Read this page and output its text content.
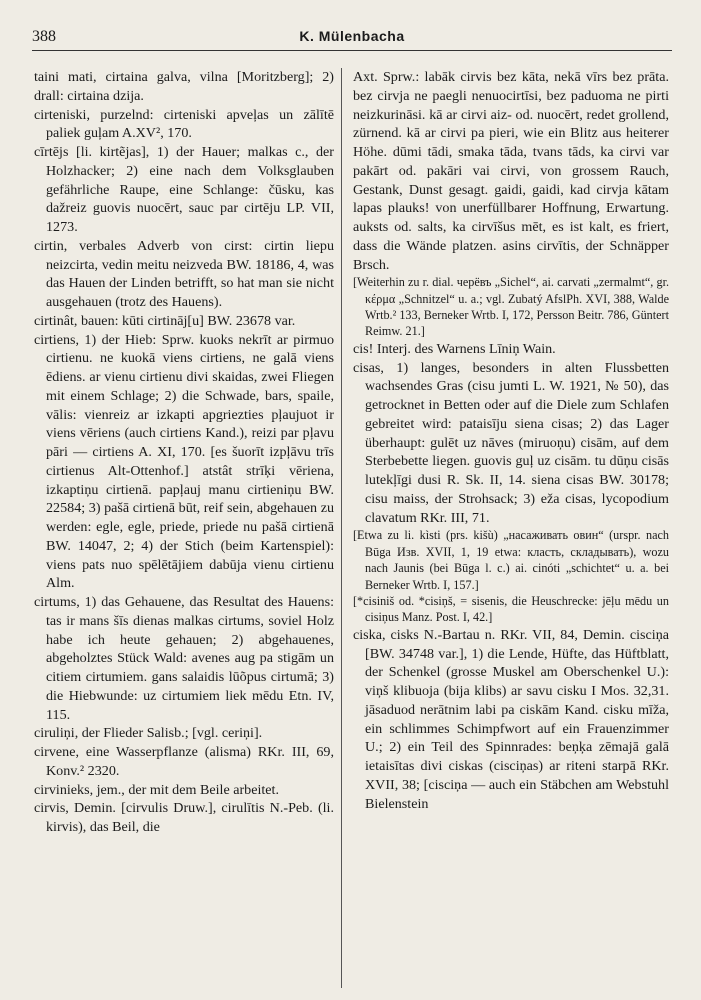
388	K. Mülenbacha

taini mati, cirtaina galva, vilna [Moritzberg]; 2) drall: cirtaina dzija.

cirteniski, purzelnd: cirteniski apveļas un zālītē paliek guļam A.XV², 170.

cīrtējs [li. kirtẽjas], 1) der Hauer; malkas c., der Holzhacker; 2) eine nach dem Volksglauben gefährliche Raupe, eine Schlange: čūsku, kas dažreiz guovis nuocērt, sauc par cirtēju LP. VII, 1273.

cirtin, verbales Adverb von cirst: cirtin liepu neizcirta, vedin meitu neizveda BW. 18186, 4, was das Hauen der Linden betrifft, so hat man sie nicht ausgehauen (trotz des Hauens).

cirtinât, bauen: kūti cirtināj[u] BW. 23678 var.

cirtiens, 1) der Hieb: Sprw. kuoks nekrīt ar pirmuo cirtienu. ne kuokā viens cirtiens, ne galā viens ēdiens. ar vienu cirtienu divi skaidas, zwei Fliegen mit einem Schlage; 2) die Schwade, bars, spaile, vālis: vienreiz ar izkapti apgriezties pļaujuot ir viens vēriens (auch cirtiens Kand.), reizi par pļavu pāri — cirtiens A. XI, 170. [es šuorīt izpļāvu trīs cirtienus Alt-Ottenhof.] atstât strīķi vēriena, izkaptiņu cirtienā. papļauj manu cirtieniņu BW. 22584; 3) pašā cirtienā būt, reif sein, abgehauen zu werden: egle, egle, priede, priede nu pašā cirtienā BW. 14047, 2; 4) der Stich (beim Kartenspiel): viens pats nuo spēlētājiem dabūja vienu cirtienu Alm.

cirtums, 1) das Gehauene, das Resultat des Hauens: tas ir mans šīs dienas malkas cirtums, soviel Holz habe ich heute gehauen; 2) abgehauenes, abgeholztes Stück Wald: avenes aug pa stigām un citiem cirtumiem. gans salaidis lūõpus cirtumā; 3) die Hiebwunde: uz cirtumiem liek mēdu Etn. IV, 115.

ciruliņi, der Flieder Salisb.; [vgl. ceriņi].

cirvene, eine Wasserpflanze (alisma) RKr. III, 69, Konv.² 2320.

cirvinieks, jem., der mit dem Beile arbeitet.

cirvis, Demin. [cirvulis Druw.], cirulītis N.-Peb. (li. kirvis), das Beil, die

Axt. Sprw.: labāk cirvis bez kāta, nekā vīrs bez prāta. bez cirvja ne paegli nenuocirtīsi, bez paduoma ne pirti neizkurināsi. kā ar cirvi aiz- od. nuocērt, redet grollend, zürnend. kā ar cirvi pa pieri, wie ein Blitz aus heiterer Höhe. dūmi tādi, smaka tāda, tvans tāds, ka cirvi var pakārt od. pakāri vai cirvi, von grossem Rauch, Gestank, Dunst gesagt. gaidi, gaidi, kad cirvja kātam lapas plauks! von unerfüllbarer Hoffnung, Erwartung. auksts od. salts, ka cirvīšus mēt, es ist kalt, es friert, dass die Wände platzen. asins cirvītis, der Schnäpper Brsch.

[Weiterhin zu r. dial. черёвъ „Sichel“, ai. carvati „zermalmt“, gr. κέρμα „Schnitzel“ u. a.; vgl. Zubatý AfslPh. XVI, 388, Walde Wrtb.² 133, Berneker Wrtb. I, 172, Persson Beitr. 786, Güntert Reimw. 21.]

cis! Interj. des Warnens Līniņ Wain.

cisas, 1) langes, besonders in alten Flussbetten wachsendes Gras (cisu jumti L. W. 1921, № 50), das getrocknet in Betten oder auf die Diele zum Schlafen gebreitet wird: pataisīju siena cisas; 2) das Lager überhaupt: gulēt uz nāves (miruoņu) cisām, auf dem Sterbebette liegen. guovis guļ uz cisām. tu dūņu cisās lutekļīgi dusi R. Sk. II, 14. siena cisas BW. 30178; cisu maiss, der Strohsack; 3) eža cisas, lycopodium clavatum RKr. III, 71.

[Etwa zu li. kìsti (prs. kišù) „насаживать овин“ (urspr. nach Būga Изв. XVII, 1, 19 etwa: класть, складывать), wozu nach Jaunis (bei Būga l. c.) ai. cinóti „schichtet“ u. a. bei Berneker Wrtb. I, 157.]

[*cisiniš od. *cisiņš, = sisenis, die Heuschrecke: jēļu mēdu un cisiņus Manz. Post. I, 42.]

ciska, cisks N.-Bartau n. RKr. VII, 84, Demin. cisciņa [BW. 34748 var.], 1) die Lende, Hüfte, das Hüftblatt, der Schenkel (grosse Muskel am Oberschenkel U.): viņš klibuoja (bija klibs) ar savu cisku I Mos. 32,31. jāsaduod nerātnim labi pa ciskām Kand. cisku mīža, ein schlimmes Schimpfwort auf ein Frauenzimmer U.; 2) ein Teil des Spinnrades: beņķa zēmajā galā ietaisītas divi ciskas (cisciņas) ar riteni starpā RKr. XVII, 38; [cisciņa — auch ein Stäbchen am Webstuhl Bielenstein
